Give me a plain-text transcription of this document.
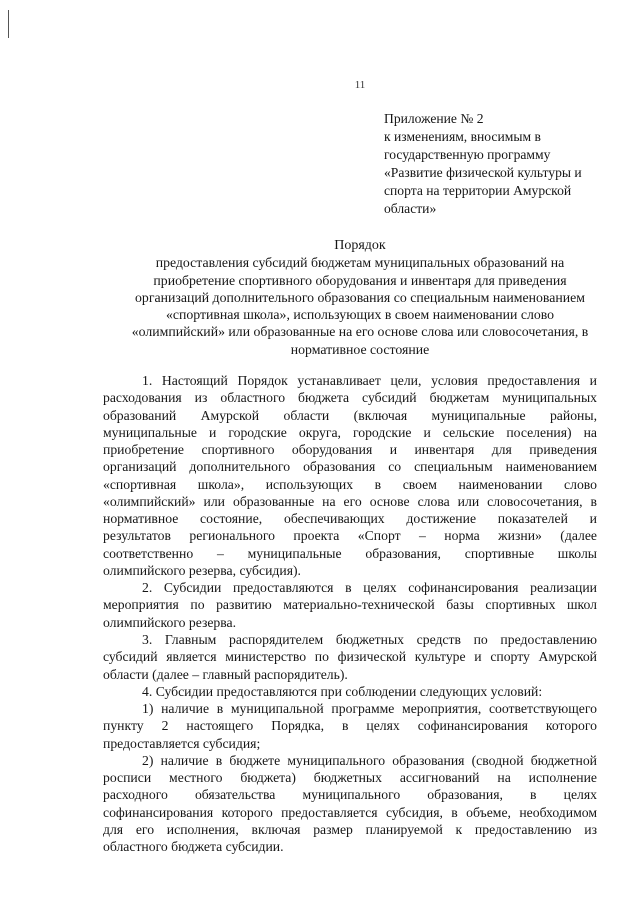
11
Приложение № 2
к изменениям, вносимым в
государственную программу
«Развитие физической культуры и
спорта на территории Амурской
области»
Порядок
предоставления субсидий бюджетам муниципальных образований на
приобретение спортивного оборудования и инвентаря для приведения
организаций дополнительного образования со специальным наименованием
«спортивная школа», использующих в своем наименовании слово
«олимпийский» или образованные на его основе слова или словосочетания, в
нормативное состояние
1. Настоящий Порядок устанавливает цели, условия предоставления и
расходования из областного бюджета субсидий бюджетам муниципальных
образований Амурской области (включая муниципальные районы,
муниципальные и городские округа, городские и сельские поселения) на
приобретение спортивного оборудования и инвентаря для приведения
организаций дополнительного образования со специальным наименованием
«спортивная школа», использующих в своем наименовании слово
«олимпийский» или образованные на его основе слова или словосочетания, в
нормативное состояние, обеспечивающих достижение показателей и
результатов регионального проекта «Спорт – норма жизни» (далее
соответственно – муниципальные образования, спортивные школы
олимпийского резерва, субсидия).
2. Субсидии предоставляются в целях софинансирования реализации
мероприятия по развитию материально-технической базы спортивных школ
олимпийского резерва.
3. Главным распорядителем бюджетных средств по предоставлению
субсидий является министерство по физической культуре и спорту Амурской
области (далее – главный распорядитель).
4. Субсидии предоставляются при соблюдении следующих условий:
1) наличие в муниципальной программе мероприятия, соответствующего
пункту 2 настоящего Порядка, в целях софинансирования которого
предоставляется субсидия;
2) наличие в бюджете муниципального образования (сводной бюджетной
росписи местного бюджета) бюджетных ассигнований на исполнение
расходного обязательства муниципального образования, в целях
софинансирования которого предоставляется субсидия, в объеме, необходимом
для его исполнения, включая размер планируемой к предоставлению из
областного бюджета субсидии.
